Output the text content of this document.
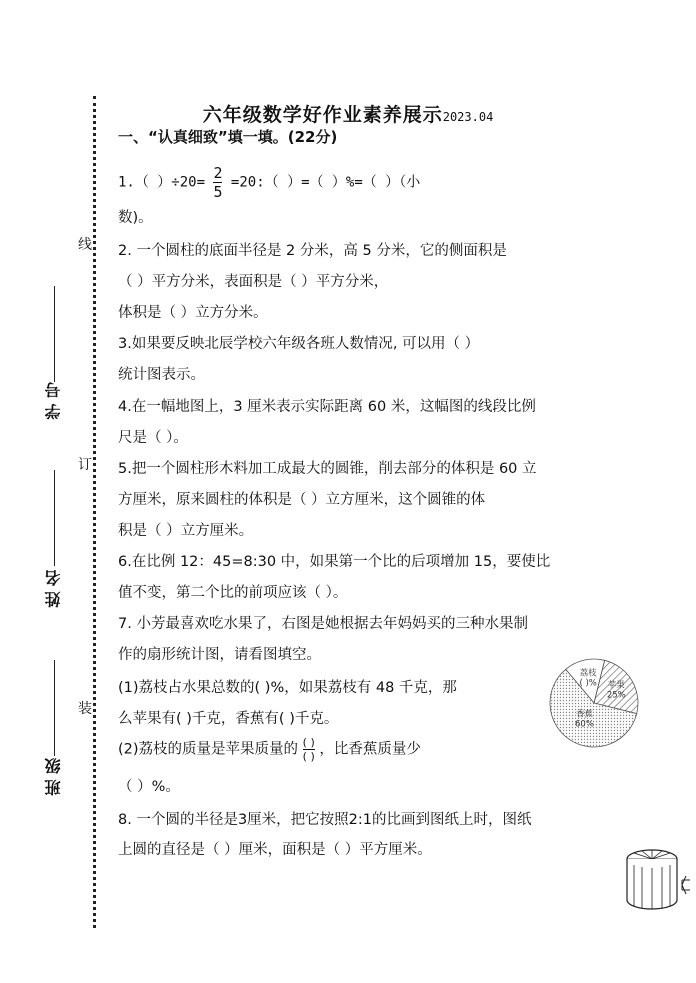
六年级数学好作业素养展示2023.04
一、“认真细致”填一填。(22分)
线
订
装
学 号
姓 名
班 级
1.（ ）$\div 20= \frac{2}{5}$ =20:（ ）=（ ）%=（ ）（小
数)。
2. 一个圆柱的底面半径是 2 分米，高 5 分米，它的侧面积是
（ ）平方分米，表面积是（ ）平方分米，
体积是（ ）立方分米。
3.如果要反映北辰学校六年级各班人数情况, 可以用（ ）
统计图表示。
4.在一幅地图上，3 厘米表示实际距离 60 米，这幅图的线段比例
尺是（ ）。
5.把一个圆柱形木料加工成最大的圆锥，削去部分的体积是 60 立
方厘米，原来圆柱的体积是（ ）立方厘米，这个圆锥的体
积是（ ）立方厘米。
6.在比例 12：45=8:30 中，如果第一个比的后项增加 15，要使比
值不变，第二个比的前项应该（ ）。
7. 小芳最喜欢吃水果了，右图是她根据去年妈妈买的三种水果制
作的扇形统计图，请看图填空。
(1)荔枝占水果总数的( )%，如果荔枝有 48 千克，那
么苹果有( )千克，香蕉有( )千克。
(2)荔枝的质量是苹果质量的 $\frac{( )}{( )}$ ，比香蕉质量少
（ ）%。
8. 一个圆的半径是3厘米，把它按照2:1的比画到图纸上时，图纸
上圆的直径是（ ）厘米，面积是（ ）平方厘米。
荔枝( )% 苹果 25%
香蕉 60%
